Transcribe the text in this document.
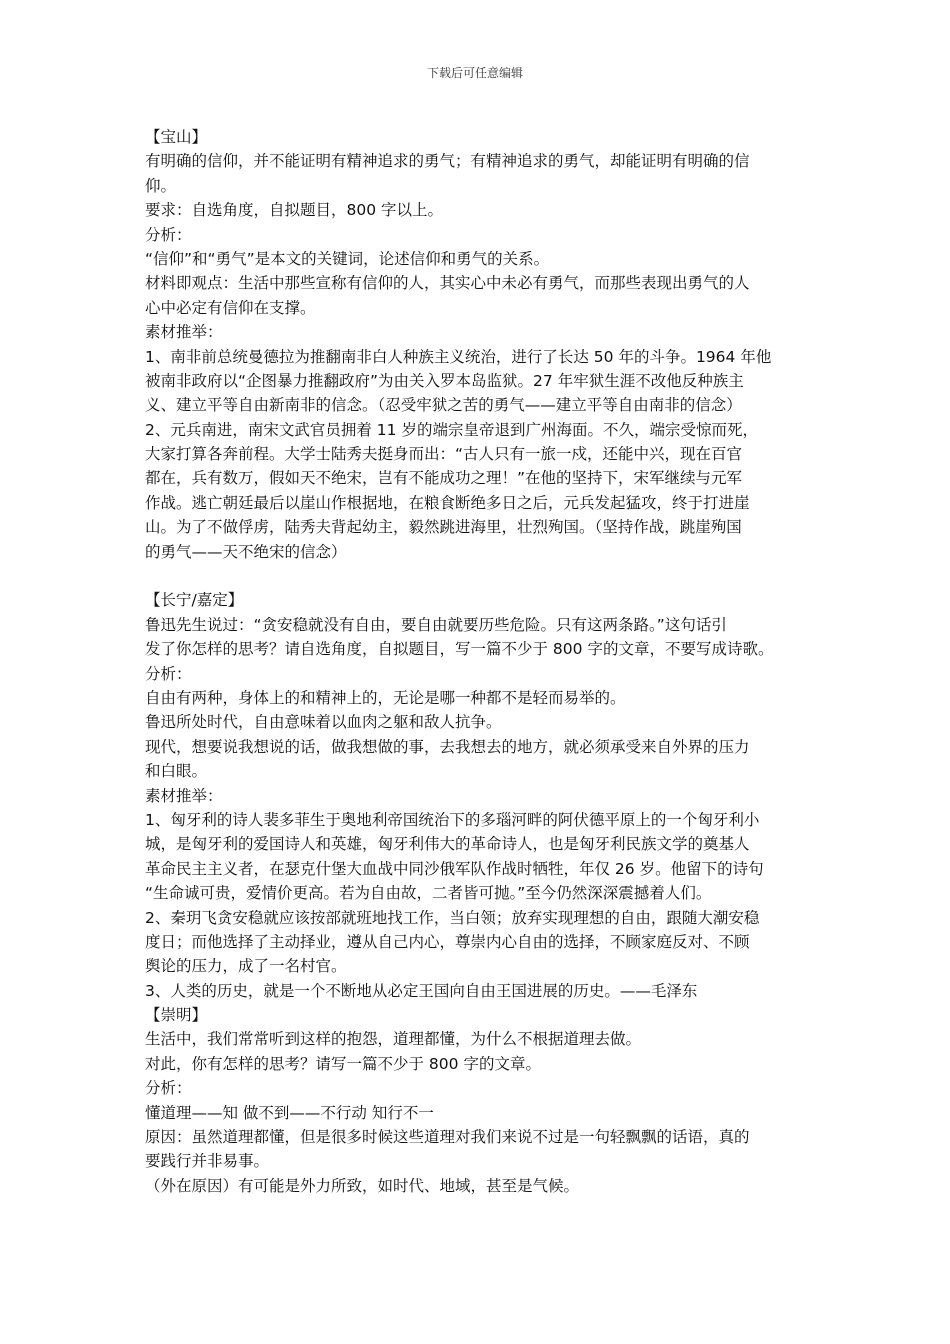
下载后可任意编辑
【宝山】
有明确的信仰，并不能证明有精神追求的勇气；有精神追求的勇气，却能证明有明确的信
仰。
要求：自选角度，自拟题目，800 字以上。
分析：
“信仰”和“勇气”是本文的关键词，论述信仰和勇气的关系。
材料即观点：生活中那些宣称有信仰的人，其实心中未必有勇气，而那些表现出勇气的人
心中必定有信仰在支撑。
素材推举：
1、南非前总统曼德拉为推翻南非白人种族主义统治，进行了长达 50 年的斗争。1964 年他
被南非政府以“企图暴力推翻政府”为由关入罗本岛监狱。27 年牢狱生涯不改他反种族主
义、建立平等自由新南非的信念。（忍受牢狱之苦的勇气——建立平等自由南非的信念）
2、元兵南进，南宋文武官员拥着 11 岁的端宗皇帝退到广州海面。不久，端宗受惊而死，
大家打算各奔前程。大学士陆秀夫挺身而出：“古人只有一旅一戍，还能中兴，现在百官
都在，兵有数万，假如天不绝宋，岂有不能成功之理！”在他的坚持下，宋军继续与元军
作战。逃亡朝廷最后以崖山作根据地，在粮食断绝多日之后，元兵发起猛攻，终于打进崖
山。为了不做俘虏，陆秀夫背起幼主，毅然跳进海里，壮烈殉国。（坚持作战，跳崖殉国
的勇气——天不绝宋的信念）
【长宁/嘉定】
鲁迅先生说过：“贪安稳就没有自由，要自由就要历些危险。只有这两条路。”这句话引
发了你怎样的思考？请自选角度，自拟题目，写一篇不少于 800 字的文章，不要写成诗歌。
分析：
自由有两种，身体上的和精神上的，无论是哪一种都不是轻而易举的。
鲁迅所处时代，自由意味着以血肉之躯和敌人抗争。
现代，想要说我想说的话，做我想做的事，去我想去的地方，就必须承受来自外界的压力
和白眼。
素材推举：
1、匈牙利的诗人裴多菲生于奥地利帝国统治下的多瑙河畔的阿伏德平原上的一个匈牙利小
城，是匈牙利的爱国诗人和英雄，匈牙利伟大的革命诗人，也是匈牙利民族文学的奠基人
革命民主主义者，在瑟克什堡大血战中同沙俄军队作战时牺牲，年仅 26 岁。他留下的诗句
“生命诚可贵，爱情价更高。若为自由故，二者皆可抛。”至今仍然深深震撼着人们。
2、秦玥飞贪安稳就应该按部就班地找工作，当白领；放弃实现理想的自由，跟随大潮安稳
度日；而他选择了主动择业，遵从自己内心，尊崇内心自由的选择，不顾家庭反对、不顾
舆论的压力，成了一名村官。
3、人类的历史，就是一个不断地从必定王国向自由王国进展的历史。——毛泽东
【崇明】
生活中，我们常常听到这样的抱怨，道理都懂，为什么不根据道理去做。
对此，你有怎样的思考？请写一篇不少于 800 字的文章。
分析：
懂道理——知 做不到——不行动 知行不一
原因：虽然道理都懂，但是很多时候这些道理对我们来说不过是一句轻飘飘的话语，真的
要践行并非易事。
（外在原因）有可能是外力所致，如时代、地域，甚至是气候。
